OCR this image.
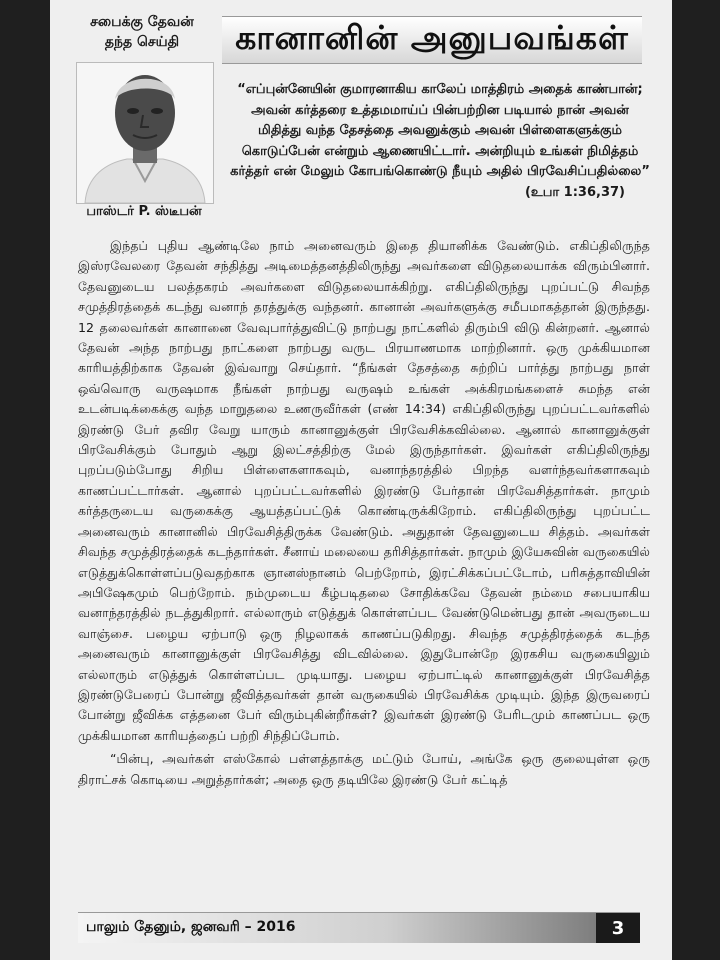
சபைக்கு தேவன்
தந்த செய்தி	கானானின் அனுபவங்கள்
பாஸ்டர் P. ஸ்டீபன்
“எப்புன்னேயின் குமாரனாகிய காலேப் மாத்திரம் அதைக் காண்பான்; அவன் கர்த்தரை உத்தமமாய்ப் பின்பற்றின படியால் நான் அவன் மிதித்து வந்த தேசத்தை அவனுக்கும் அவன் பிள்ளைகளுக்கும் கொடுப்பேன் என்றும் ஆணையிட்டார். அன்றியும் உங்கள் நிமித்தம் கர்த்தர் என் மேலும் கோபங்கொண்டு நீயும் அதில் பிரவேசிப்பதில்லை”
(உபா 1:36,37)

இந்தப் புதிய ஆண்டிலே நாம் அனைவரும் இதை தியானிக்க வேண்டும். எகிப்திலிருந்த இஸ்ரவேலரை தேவன் சந்தித்து அடிமைத்தனத்திலிருந்து அவர்களை விடுதலையாக்க விரும்பினார். தேவனுடைய பலத்தகரம் அவர்களை விடுதலையாக்கிற்று. எகிப்திலிருந்து புறப்பட்டு சிவந்த சமுத்திரத்தைக் கடந்து வனாந் தரத்துக்கு வந்தனர். கானான் அவர்களுக்கு சமீபமாகத்தான் இருந்தது. 12 தலைவர்கள் கானானை வேவுபார்த்துவிட்டு நாற்பது நாட்களில் திரும்பி விடு கின்றனர். ஆனால் தேவன் அந்த நாற்பது நாட்களை நாற்பது வருட பிரயாணமாக மாற்றினார். ஒரு முக்கியமான காரியத்திற்காக தேவன் இவ்வாறு செய்தார். “நீங்கள் தேசத்தை சுற்றிப் பார்த்து நாற்பது நாள் ஒவ்வொரு வருஷமாக நீங்கள் நாற்பது வருஷம் உங்கள் அக்கிரமங்களைச் சுமந்த என் உடன்படிக்கைக்கு வந்த மாறுதலை உணருவீர்கள் (எண் 14:34) எகிப்திலிருந்து புறப்பட்டவர்களில் இரண்டு பேர் தவிர வேறு யாரும் கானானுக்குள் பிரவேசிக்கவில்லை. ஆனால் கானானுக்குள் பிரவேசிக்கும் போதும் ஆறு இலட்சத்திற்கு மேல் இருந்தார்கள். இவர்கள் எகிப்திலிருந்து புறப்படும்போது சிறிய பிள்ளைகளாகவும், வனாந்தரத்தில் பிறந்த வளர்ந்தவர்களாகவும் காணப்பட்டார்கள். ஆனால் புறப்பட்டவர்களில் இரண்டு பேர்தான் பிரவேசித்தார்கள். நாமும் கர்த்தருடைய வருகைக்கு ஆயத்தப்பட்டுக் கொண்டிருக்கிறோம். எகிப்திலிருந்து புறப்பட்ட அனைவரும் கானானில் பிரவேசித்திருக்க வேண்டும். அதுதான் தேவனுடைய சித்தம். அவர்கள் சிவந்த சமுத்திரத்தைக் கடந்தார்கள். சீனாய் மலையை தரிசித்தார்கள். நாமும் இயேசுவின் வருகையில் எடுத்துக்கொள்ளப்படுவதற்காக ஞானஸ்நானம் பெற்றோம், இரட்சிக்கப்பட்டோம், பரிசுத்தாவியின் அபிஷேகமும் பெற்றோம். நம்முடைய கீழ்படிதலை சோதிக்கவே தேவன் நம்மை சபையாகிய வனாந்தரத்தில் நடத்துகிறார். எல்லாரும் எடுத்துக் கொள்ளப்பட வேண்டுமென்பது தான் அவருடைய வாஞ்சை. பழைய ஏற்பாடு ஒரு நிழலாகக் காணப்படுகிறது. சிவந்த சமுத்திரத்தைக் கடந்த அனைவரும் கானானுக்குள் பிரவேசித்து விடவில்லை. இதுபோன்றே இரகசிய வருகையிலும் எல்லாரும் எடுத்துக் கொள்ளப்பட முடியாது. பழைய ஏற்பாட்டில் கானானுக்குள் பிரவேசித்த இரண்டுபேரைப் போன்று ஜீவித்தவர்கள் தான் வருகையில் பிரவேசிக்க முடியும். இந்த இருவரைப் போன்று ஜீவிக்க எத்தனை பேர் விரும்புகின்றீர்கள்? இவர்கள் இரண்டு பேரிடமும் காணப்பட ஒரு முக்கியமான காரியத்தைப் பற்றி சிந்திப்போம்.

“பின்பு, அவர்கள் எஸ்கோல் பள்ளத்தாக்கு மட்டும் போய், அங்கே ஒரு குலையுள்ள ஒரு திராட்சக் கொடியை அறுத்தார்கள்; அதை ஒரு தடியிலே இரண்டு பேர் கட்டித்

பாலும் தேனும், ஜனவரி – 2016	3
